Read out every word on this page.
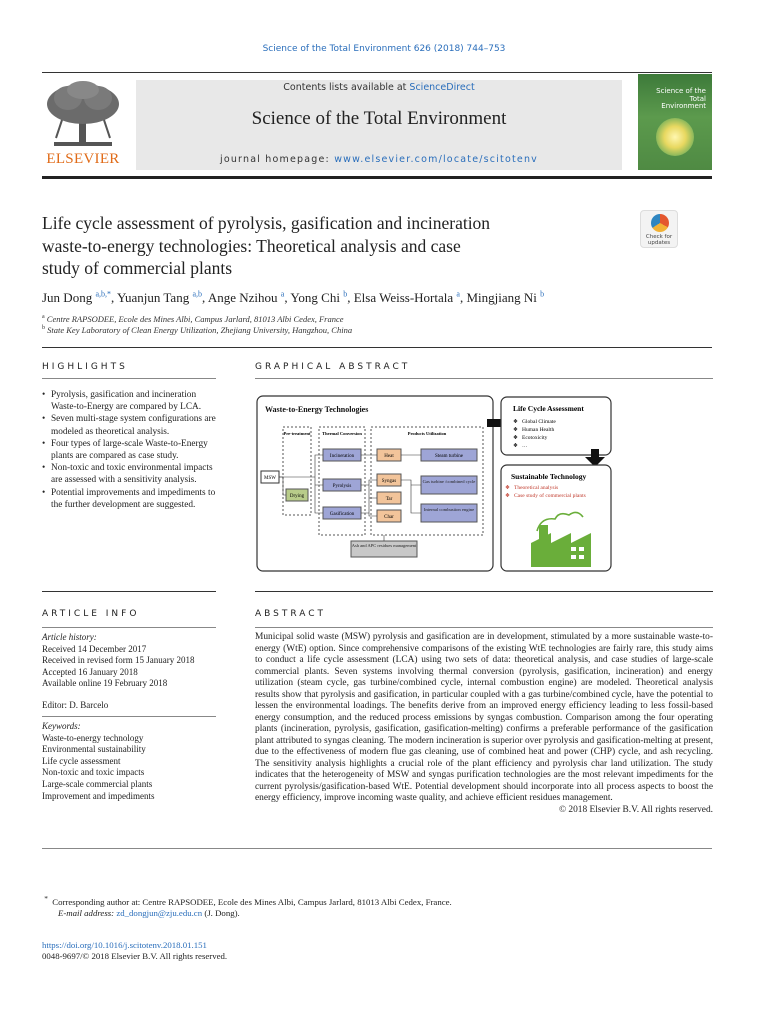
Science of the Total Environment 626 (2018) 744–753
ELSEVIER
Contents lists available at ScienceDirect
Science of the Total Environment
journal homepage: www.elsevier.com/locate/scitotenv
Science of the
Total Environment
Life cycle assessment of pyrolysis, gasification and incineration
waste-to-energy technologies: Theoretical analysis and case
study of commercial plants
Check for
updates
Jun Dong $^{a,b,*}$, Yuanjun Tang $^{a,b}$, Ange Nzihou $^a$, Yong Chi $^b$, Elsa Weiss-Hortala $^a$, Mingjiang Ni $^b$
$^a$ Centre RAPSODEE, Ecole des Mines Albi, Campus Jarlard, 81013 Albi Cedex, France
$^b$ State Key Laboratory of Clean Energy Utilization, Zhejiang University, Hangzhou, China
HIGHLIGHTS
• Pyrolysis, gasification and incineration Waste-to-Energy are compared by LCA.
• Seven multi-stage system configurations are modeled as theoretical analysis.
• Four types of large-scale Waste-to-Energy plants are compared as case study.
• Non-toxic and toxic environmental impacts are assessed with a sensitivity analysis.
• Potential improvements and impediments to the further development are suggested.
GRAPHICAL ABSTRACT
Waste-to-Energy Technologies
Pre-treatment	Thermal Conversion	Products Utilization
MSW
Drying
Incineration
Pyrolysis
Gasification
Heat
Syngas
Tar
Char
Steam turbine
Gas turbine /combined cycle
Internal combustion engine
Ash and APC residues management
Life Cycle Assessment
❖ Global Climate
❖ Human Health
❖ Ecotoxicity
❖ …
Sustainable Technology
❖ Theoretical analysis
❖ Case study of commercial plants
ARTICLE INFO
Article history:
Received 14 December 2017
Received in revised form 15 January 2018
Accepted 16 January 2018
Available online 19 February 2018
Editor: D. Barcelo
Keywords:
Waste-to-energy technology
Environmental sustainability
Life cycle assessment
Non-toxic and toxic impacts
Large-scale commercial plants
Improvement and impediments
ABSTRACT
Municipal solid waste (MSW) pyrolysis and gasification are in development, stimulated by a more sustainable waste-to-energy (WtE) option. Since comprehensive comparisons of the existing WtE technologies are fairly rare, this study aims to conduct a life cycle assessment (LCA) using two sets of data: theoretical analysis, and case studies of large-scale commercial plants. Seven systems involving thermal conversion (pyrolysis, gasification, incineration) and energy utilization (steam cycle, gas turbine/combined cycle, internal combustion engine) are modeled. Theoretical analysis results show that pyrolysis and gasification, in particular coupled with a gas turbine/combined cycle, have the potential to lessen the environmental loadings. The benefits derive from an improved energy efficiency leading to less fossil-based energy consumption, and the reduced process emissions by syngas combustion. Comparison among the four operating plants (incineration, pyrolysis, gasification, gasification-melting) confirms a preferable performance of the gasification plant attributed to syngas cleaning. The modern incineration is superior over pyrolysis and gasification-melting at present, due to the effectiveness of modern flue gas cleaning, use of combined heat and power (CHP) cycle, and ash recycling. The sensitivity analysis highlights a crucial role of the plant efficiency and pyrolysis char land utilization. The study indicates that the heterogeneity of MSW and syngas purification technologies are the most relevant impediments for the current pyrolysis/gasification-based WtE. Potential development should incorporate into all process aspects to boost the energy efficiency, improve incoming waste quality, and achieve efficient residues management.
© 2018 Elsevier B.V. All rights reserved.
* Corresponding author at: Centre RAPSODEE, Ecole des Mines Albi, Campus Jarlard, 81013 Albi Cedex, France.
E-mail address: zd_dongjun@zju.edu.cn (J. Dong).
https://doi.org/10.1016/j.scitotenv.2018.01.151
0048-9697/© 2018 Elsevier B.V. All rights reserved.
